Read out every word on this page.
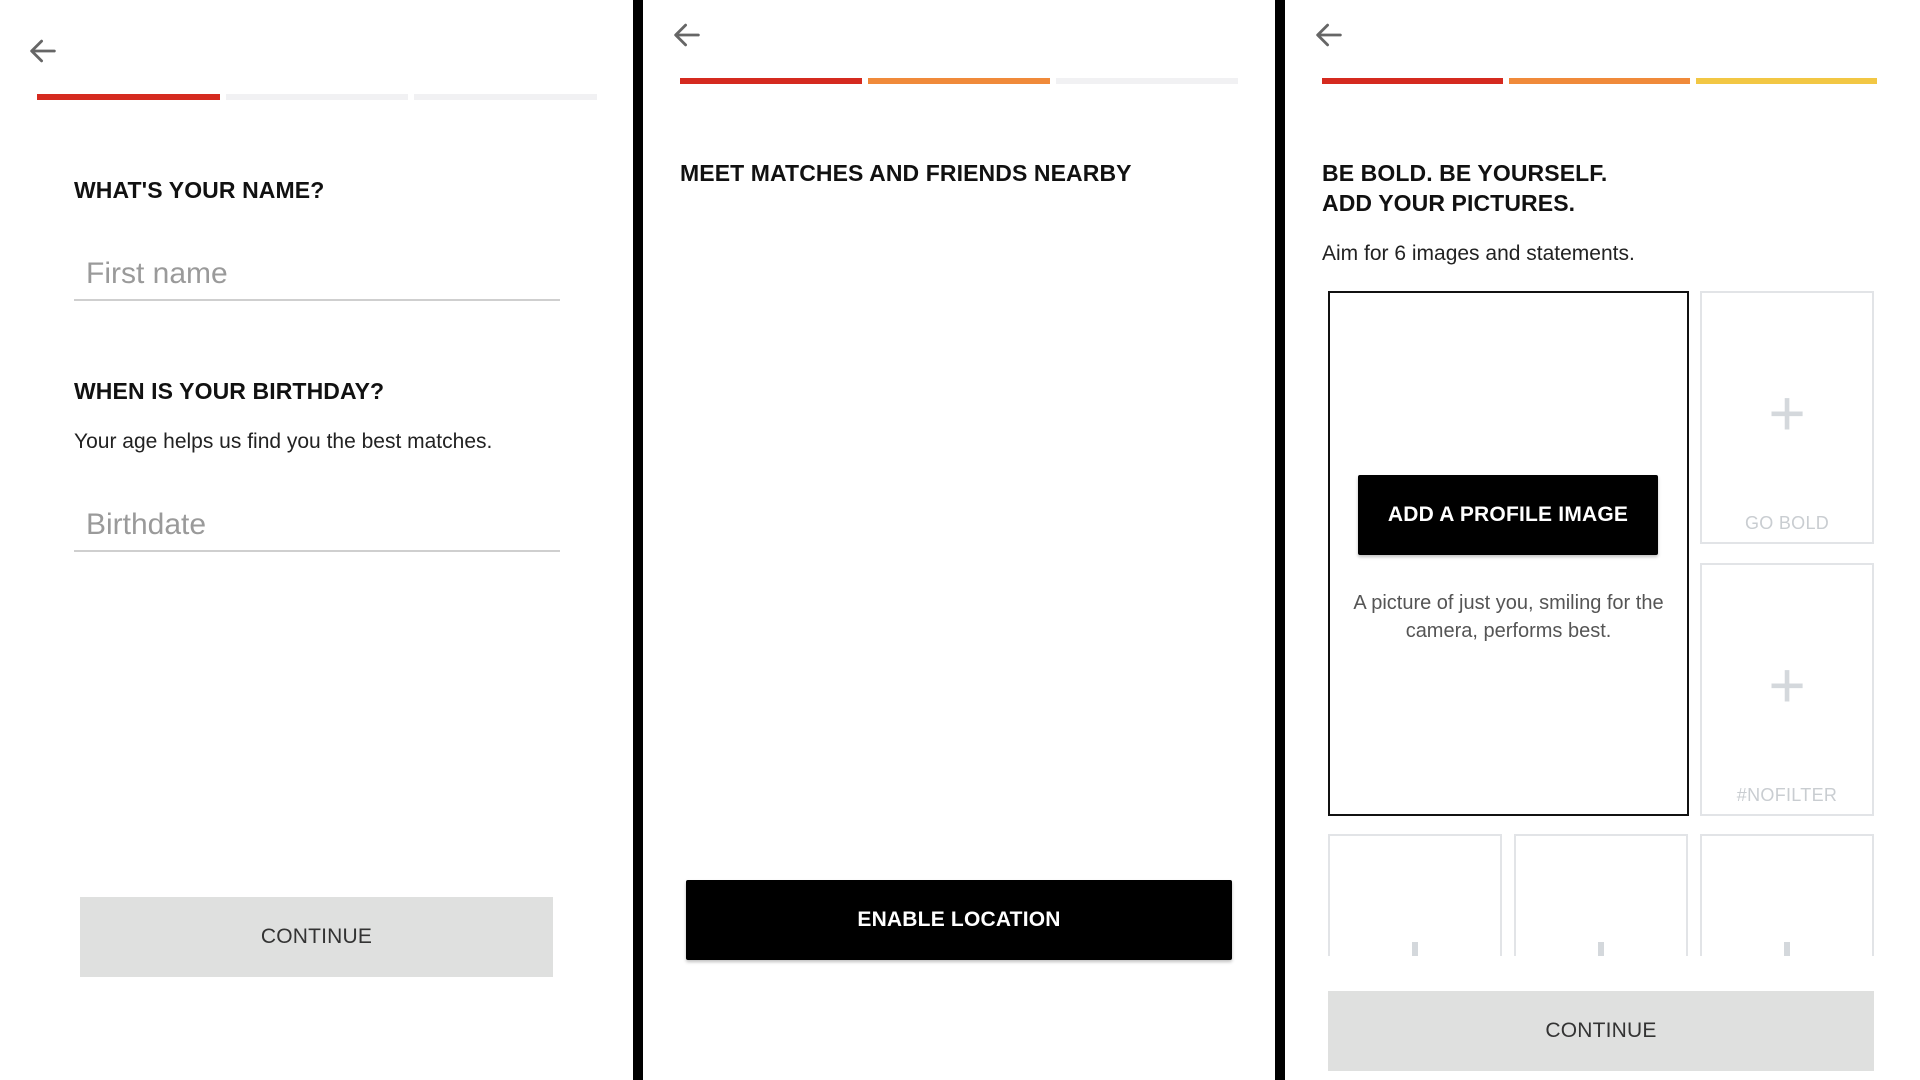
WHAT'S YOUR NAME?
First name
WHEN IS YOUR BIRTHDAY?
Your age helps us find you the best matches.
Birthdate
CONTINUE
MEET MATCHES AND FRIENDS NEARBY
ENABLE LOCATION
BE BOLD. BE YOURSELF.
ADD YOUR PICTURES.
Aim for 6 images and statements.
ADD A PROFILE IMAGE
A picture of just you, smiling for the camera, performs best.
+
GO BOLD
+
#NOFILTER
CONTINUE
